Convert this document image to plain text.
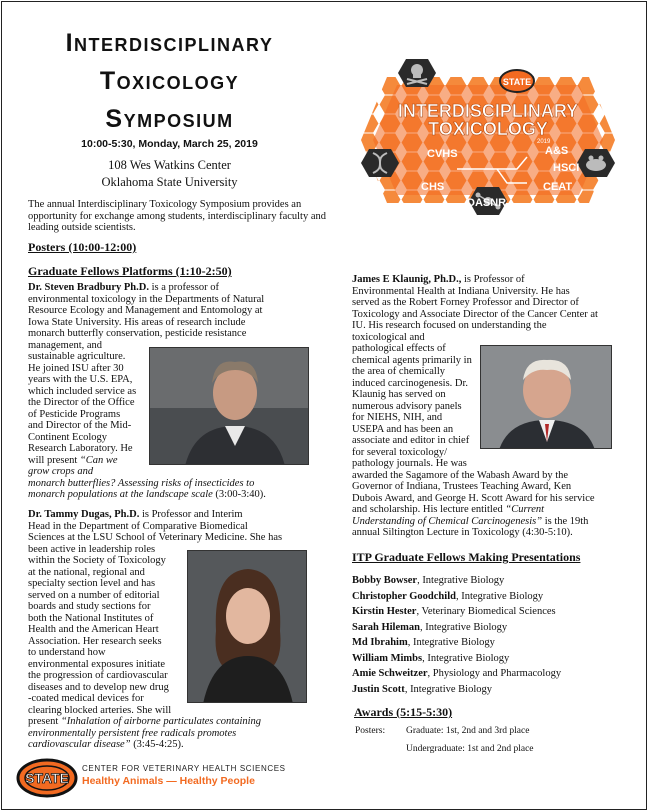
Interdisciplinary
Toxicology
Symposium
10:00-5:30, Monday, March 25, 2019
108 Wes Watkins Center
Oklahoma State University
STATE
INTERDISCIPLINARY
TOXICOLOGY
2019
CVHS	A&S
HSCI
CHS	CEAT
DASNR
The annual Interdisciplinary Toxicology Symposium provides an opportunity for exchange among students, interdisciplinary faculty and leading outside scientists.
Posters (10:00-12:00)
Graduate Fellows Platforms (1:10-2:50)
Dr. Steven Bradbury Ph.D. is a professor of
environmental toxicology in the Departments of Natural
Resource Ecology and Management and Entomology at
Iowa State University. His areas of research include
monarch butterfly conservation, pesticide resistance
management, and
sustainable agriculture.
He joined ISU after 30
years with the U.S. EPA,
which included service as
the Director of the Office
of Pesticide Programs
and Director of the Mid-
Continent Ecology
Research Laboratory. He
will present “Can we
grow crops and
monarch butterflies? Assessing risks of insecticides to
monarch populations at the landscape scale (3:00-3:40).
Dr. Tammy Dugas, Ph.D. is Professor and Interim
Head in the Department of Comparative Biomedical
Sciences at the LSU School of Veterinary Medicine. She has
been active in leadership roles
within the Society of Toxicology
at the national, regional and
specialty section level and has
served on a number of editorial
boards and study sections for
both the National Institutes of
Health and the American Heart
Association. Her research seeks
to understand how
environmental exposures initiate
the progression of cardiovascular
diseases and to develop new drug
-coated medical devices for
clearing blocked arteries. She will
present “Inhalation of airborne particulates containing
environmentally persistent free radicals promotes
cardiovascular disease” (3:45-4:25).
James E Klaunig, Ph.D., is Professor of
Environmental Health at Indiana University. He has
served as the Robert Forney Professor and Director of
Toxicology and Associate Director of the Cancer Center at
IU. His research focused on understanding the
toxicological and
pathological effects of
chemical agents primarily in
the area of chemically
induced carcinogenesis. Dr.
Klaunig has served on
numerous advisory panels
for NIEHS, NIH, and
USEPA and has been an
associate and editor in chief
for several toxicology/
pathology journals. He was
awarded the Sagamore of the Wabash Award by the
Governor of Indiana, Trustees Teaching Award, Ken
Dubois Award, and George H. Scott Award for his service
and scholarship. His lecture entitled “Current
Understanding of Chemical Carcinogenesis” is the 19th
annual Siltington Lecture in Toxicology (4:30-5:10).
ITP Graduate Fellows Making Presentations
Bobby Bowser, Integrative Biology
Christopher Goodchild, Integrative Biology
Kirstin Hester, Veterinary Biomedical Sciences
Sarah Hileman, Integrative Biology
Md Ibrahim, Integrative Biology
William Mimbs, Integrative Biology
Amie Schweitzer, Physiology and Pharmacology
Justin Scott, Integrative Biology
Awards (5:15-5:30)
Posters: Graduate: 1st, 2nd and 3rd place
Undergraduate: 1st and 2nd place
STATE
CENTER FOR VETERINARY HEALTH SCIENCES
Healthy Animals — Healthy People
